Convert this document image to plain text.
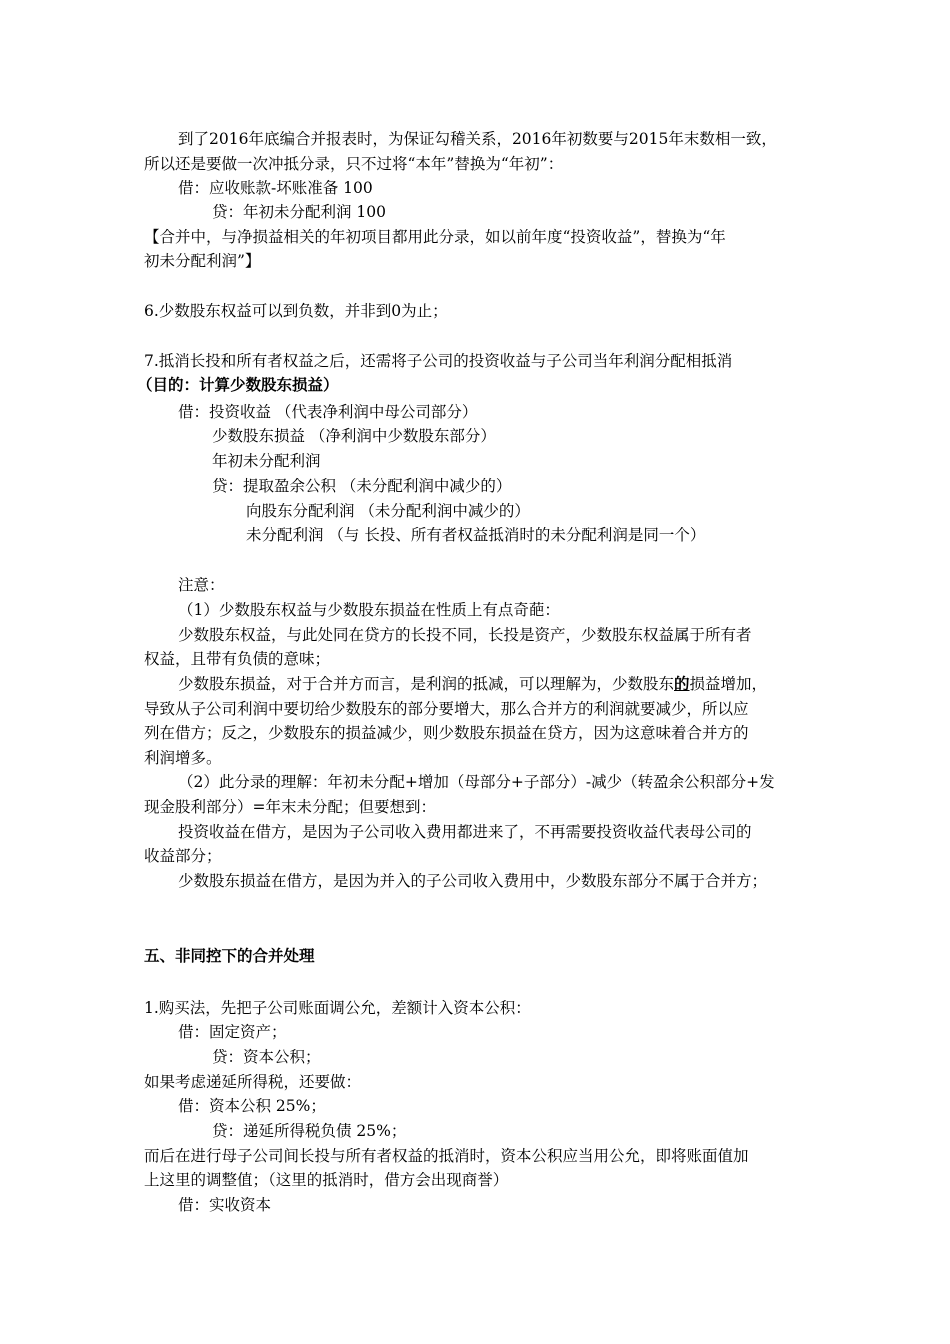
到了2016年底编合并报表时，为保证勾稽关系，2016年初数要与2015年末数相一致，
所以还是要做一次冲抵分录，只不过将“本年”替换为“年初”：
借：应收账款-坏账准备 100
贷：年初未分配利润 100
【合并中，与净损益相关的年初项目都用此分录，如以前年度“投资收益”，替换为“年
初未分配利润”】
6.少数股东权益可以到负数，并非到0为止；
7.抵消长投和所有者权益之后，还需将子公司的投资收益与子公司当年利润分配相抵消
（目的：计算少数股东损益）
借：投资收益 （代表净利润中母公司部分）
少数股东损益 （净利润中少数股东部分）
年初未分配利润
贷：提取盈余公积 （未分配利润中减少的）
向股东分配利润 （未分配利润中减少的）
未分配利润 （与 长投、所有者权益抵消时的未分配利润是同一个）
注意：
（1）少数股东权益与少数股东损益在性质上有点奇葩：
少数股东权益，与此处同在贷方的长投不同，长投是资产，少数股东权益属于所有者
权益，且带有负债的意味；
少数股东损益，对于合并方而言，是利润的抵减，可以理解为，少数股东的损益增加，
导致从子公司利润中要切给少数股东的部分要增大，那么合并方的利润就要减少，所以应
列在借方；反之，少数股东的损益减少，则少数股东损益在贷方，因为这意味着合并方的
利润增多。
（2）此分录的理解：年初未分配+增加（母部分+子部分）-减少（转盈余公积部分+发
现金股利部分）=年末未分配；但要想到：
投资收益在借方，是因为子公司收入费用都进来了，不再需要投资收益代表母公司的
收益部分；
少数股东损益在借方，是因为并入的子公司收入费用中，少数股东部分不属于合并方；
五、非同控下的合并处理
1.购买法，先把子公司账面调公允，差额计入资本公积：
借：固定资产；
贷：资本公积；
如果考虑递延所得税，还要做：
借：资本公积 25%；
贷：递延所得税负债 25%；
而后在进行母子公司间长投与所有者权益的抵消时，资本公积应当用公允，即将账面值加
上这里的调整值；（这里的抵消时，借方会出现商誉）
借：实收资本
